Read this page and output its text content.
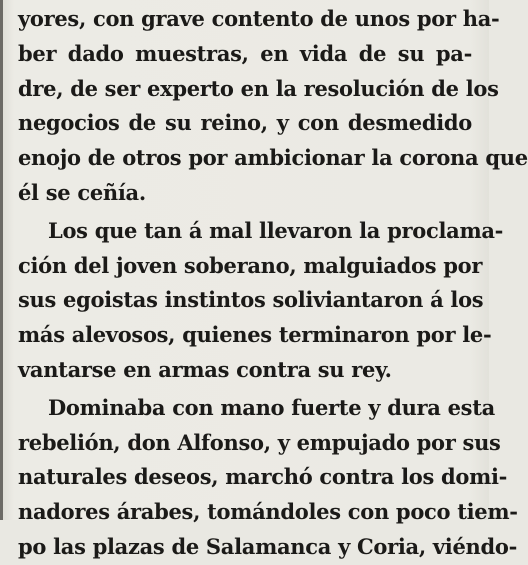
yores, con grave contento de unos por ha-
ber dado muestras, en vida de su pa-
dre, de ser experto en la resolución de los
negocios de su reino, y con desmedido
enojo de otros por ambicionar la corona que
él se ceñía.
Los que tan á mal llevaron la proclama-
ción del joven soberano, malguiados por
sus egoistas instintos soliviantaron á los
más alevosos, quienes terminaron por le-
vantarse en armas contra su rey.
Dominaba con mano fuerte y dura esta
rebelión, don Alfonso, y empujado por sus
naturales deseos, marchó contra los domi-
nadores árabes, tomándoles con poco tiem-
po las plazas de Salamanca y Coria, viéndo-
